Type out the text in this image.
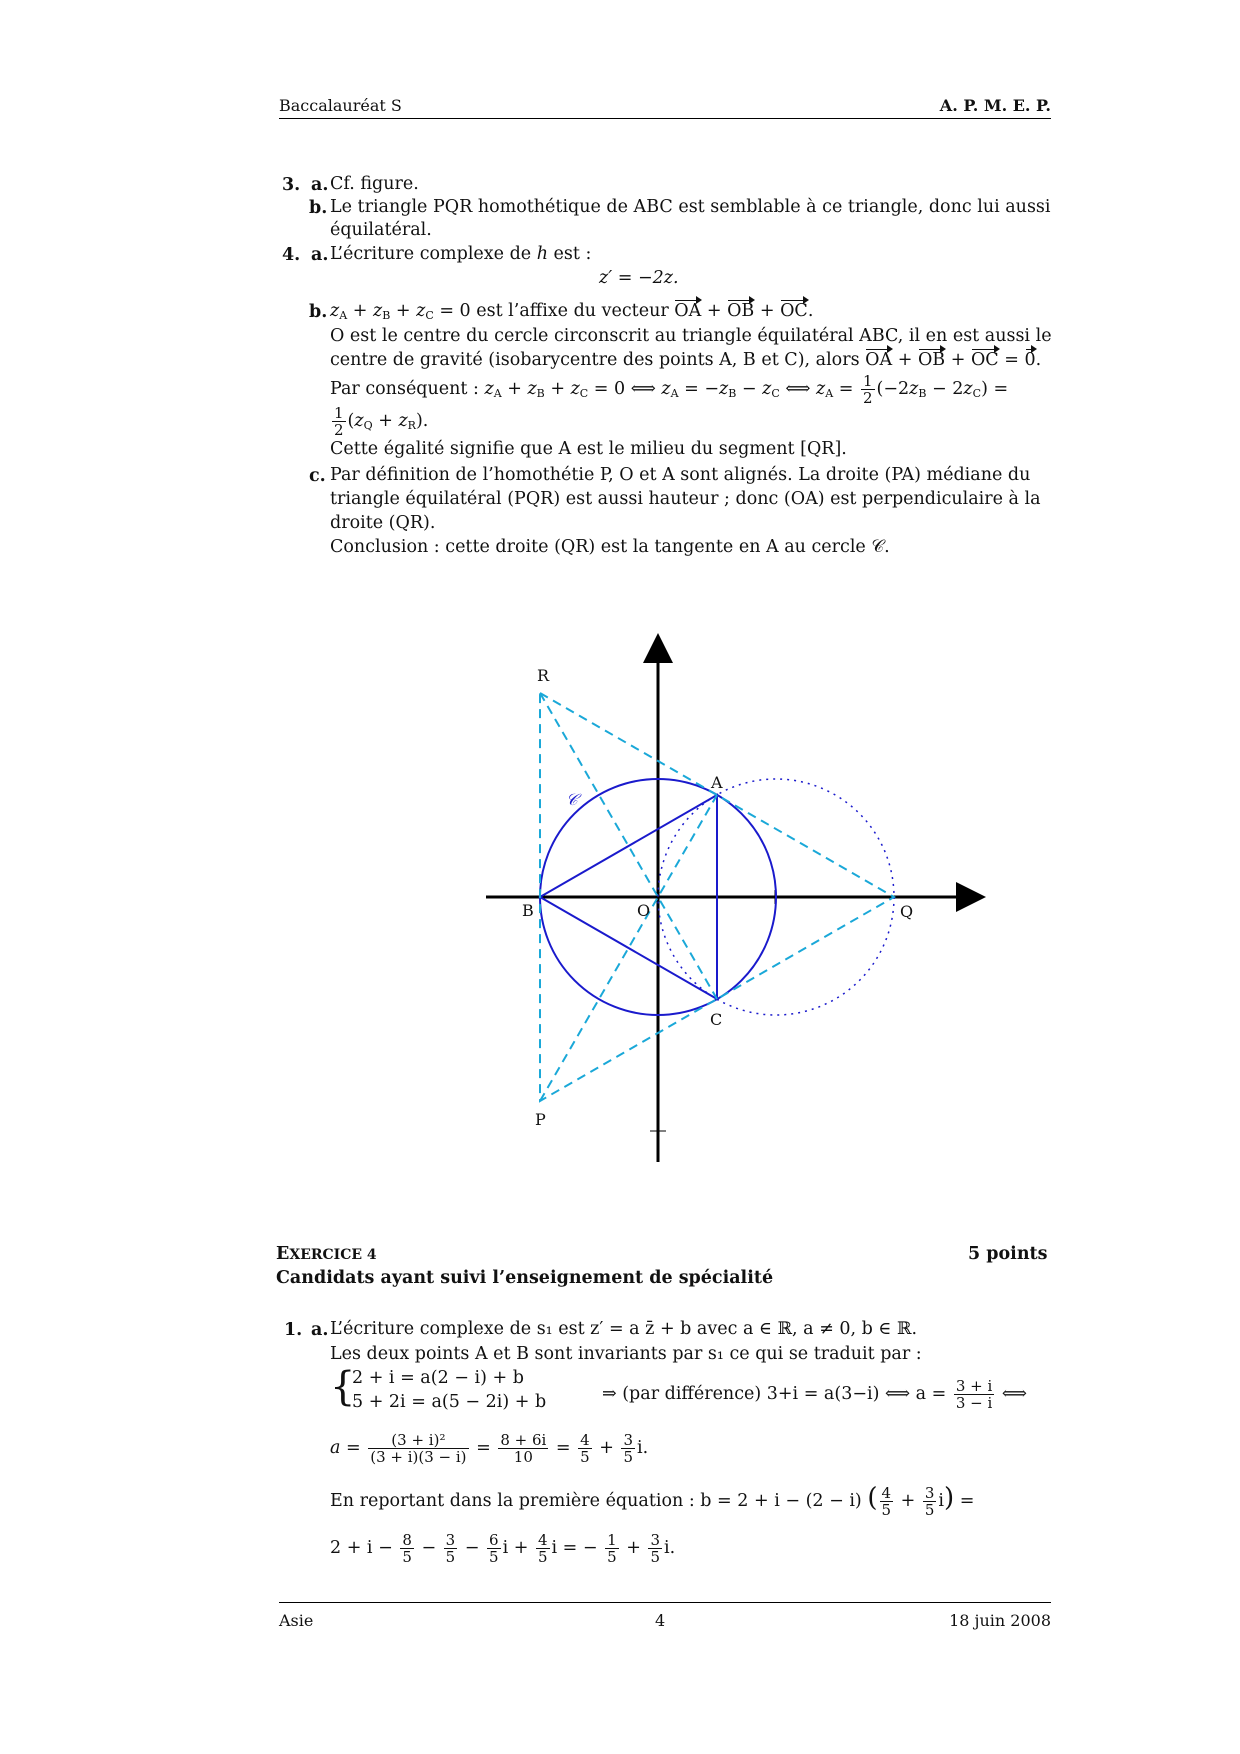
Baccalauréat S	A. P. M. E. P.
3. a. Cf. figure.
b. Le triangle PQR homothétique de ABC est semblable à ce triangle, donc lui aussi
équilatéral.
4. a. L’écriture complexe de h est :
z′ = −2z.
b. $z_A + z_B + z_C = 0$ est l’affixe du vecteur OA + OB + OC.
O est le centre du cercle circonscrit au triangle équilatéral ABC, il en est aussi le
centre de gravité (isobarycentre des points A, B et C), alors OA + OB + OC = 0.
Par conséquent : $z_A + z_B + z_C = 0$ ⟺ $z_A = -z_B - z_C$ ⟺ $z_A = \frac{1}{2} (-2z_B - 2z_C)$ =
$\frac{1}{2} (z_Q + z_R)$.
Cette égalité signifie que A est le milieu du segment [QR].
c. Par définition de l’homothétie P, O et A sont alignés. La droite (PA) médiane du
triangle équilatéral (PQR) est aussi hauteur ; donc (OA) est perpendiculaire à la
droite (QR).
Conclusion : cette droite (QR) est la tangente en A au cercle 𝒞.
R
A
𝒞
B	O	Q
C
P
EXERCICE 4	5 points
Candidats ayant suivi l’enseignement de spécialité
1. a. L’écriture complexe de s₁ est z′ = a z̄ + b avec a ∈ ℝ, a ≠ 0, b ∈ ℝ.
Les deux points A et B sont invariants par s₁ ce qui se traduit par :
{
2 + i = a(2 − i) + b
5 + 2i = a(5 − 2i) + b	⇒ (par différence) 3+i = a(3−i) ⟺ $a = \frac{3 + i}{3 - i}$ ⟺
$a = \frac{\text{(3 + i)²}}{(3 + i)(3 - i)} = \frac{8 + 6i}{10} = \frac{4}{5} + \frac{3}{5} i$.
En reportant dans la première équation : b = 2 + i − (2 − i) ( $\frac{4}{5} + \frac{3}{5} i$) =
$2 + i - \frac{8}{5} - \frac{3}{5} - \frac{6}{5}$ $i + \frac{4}{5}$ i = − $\frac{1}{5} + \frac{3}{5} i$.
Asie	4	18 juin 2008
